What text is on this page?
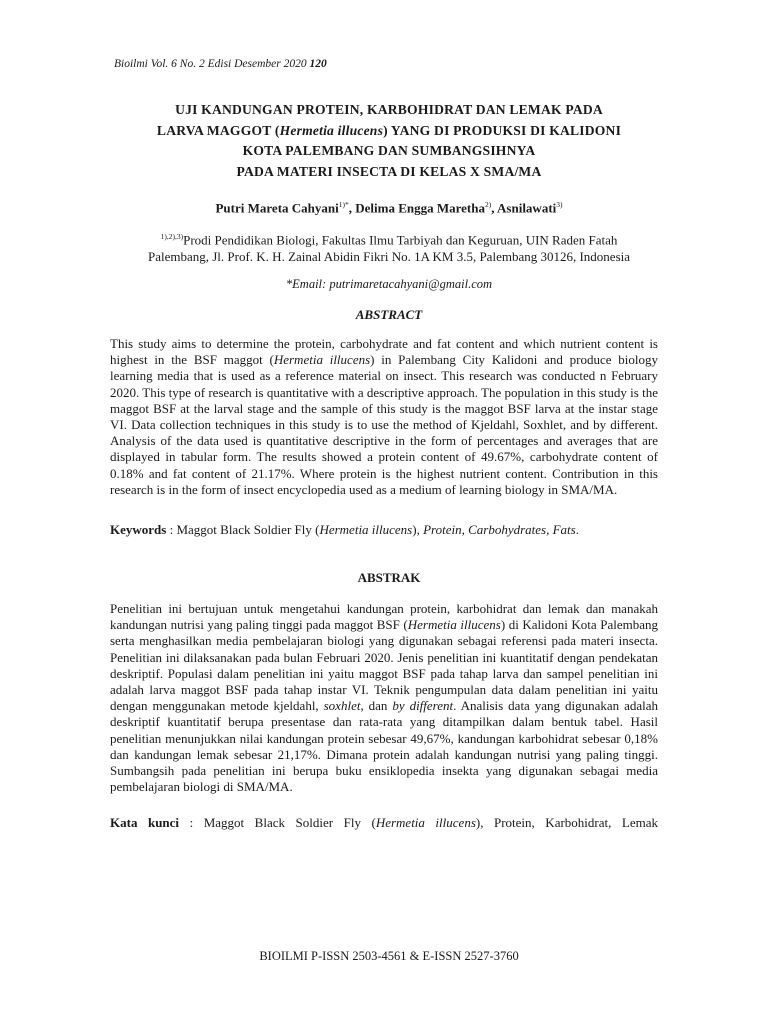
Bioilmi Vol. 6 No. 2 Edisi Desember 2020 120
UJI KANDUNGAN PROTEIN, KARBOHIDRAT DAN LEMAK PADA
LARVA MAGGOT (Hermetia illucens) YANG DI PRODUKSI DI KALIDONI
KOTA PALEMBANG DAN SUMBANGSIHNYA
PADA MATERI INSECTA DI KELAS X SMA/MA
Putri Mareta Cahyani$^{1)*}$, Delima Engga Maretha$^{2)}$, Asnilawati$^{3)}$
$^{1),2),3)}$Prodi Pendidikan Biologi, Fakultas Ilmu Tarbiyah dan Keguruan, UIN Raden Fatah
Palembang, Jl. Prof. K. H. Zainal Abidin Fikri No. 1A KM 3.5, Palembang 30126, Indonesia
*Email: putrimaretacahyani@gmail.com
ABSTRACT
This study aims to determine the protein, carbohydrate and fat content and which nutrient content is highest in the BSF maggot (Hermetia illucens) in Palembang City Kalidoni and produce biology learning media that is used as a reference material on insect. This research was conducted n February 2020. This type of research is quantitative with a descriptive approach. The population in this study is the maggot BSF at the larval stage and the sample of this study is the maggot BSF larva at the instar stage VI. Data collection techniques in this study is to use the method of Kjeldahl, Soxhlet, and by different. Analysis of the data used is quantitative descriptive in the form of percentages and averages that are displayed in tabular form. The results showed a protein content of 49.67%, carbohydrate content of 0.18% and fat content of 21.17%. Where protein is the highest nutrient content. Contribution in this research is in the form of insect encyclopedia used as a medium of learning biology in SMA/MA.
Keywords : Maggot Black Soldier Fly (Hermetia illucens), Protein, Carbohydrates, Fats.
ABSTRAK
Penelitian ini bertujuan untuk mengetahui kandungan protein, karbohidrat dan lemak dan manakah kandungan nutrisi yang paling tinggi pada maggot BSF (Hermetia illucens) di Kalidoni Kota Palembang serta menghasilkan media pembelajaran biologi yang digunakan sebagai referensi pada materi insecta. Penelitian ini dilaksanakan pada bulan Februari 2020. Jenis penelitian ini kuantitatif dengan pendekatan deskriptif. Populasi dalam penelitian ini yaitu maggot BSF pada tahap larva dan sampel penelitian ini adalah larva maggot BSF pada tahap instar VI. Teknik pengumpulan data dalam penelitian ini yaitu dengan menggunakan metode kjeldahl, soxhlet, dan by different. Analisis data yang digunakan adalah deskriptif kuantitatif berupa presentase dan rata-rata yang ditampilkan dalam bentuk tabel. Hasil penelitian menunjukkan nilai kandungan protein sebesar 49,67%, kandungan karbohidrat sebesar 0,18% dan kandungan lemak sebesar 21,17%. Dimana protein adalah kandungan nutrisi yang paling tinggi. Sumbangsih pada penelitian ini berupa buku ensiklopedia insekta yang digunakan sebagai media pembelajaran biologi di SMA/MA.
Kata kunci : Maggot Black Soldier Fly (Hermetia illucens), Protein, Karbohidrat, Lemak
BIOILMI P-ISSN 2503-4561 & E-ISSN 2527-3760
